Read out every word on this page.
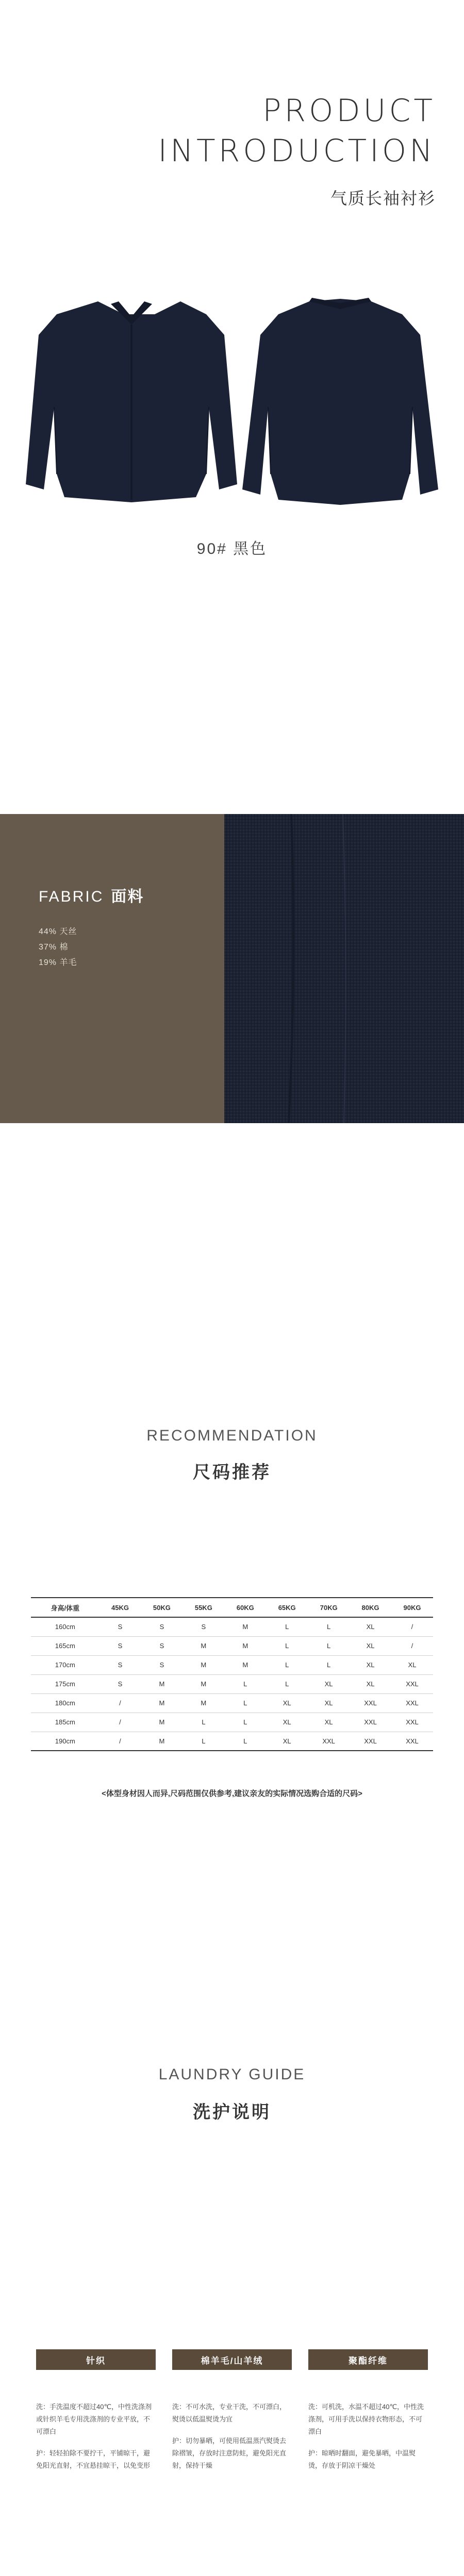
PRODUCT
INTRODUCTION
气质长袖衬衫
90# 黑色
FABRIC 面料
44% 天丝
37% 棉
19% 羊毛
RECOMMENDATION
尺码推荐
身高/体重	45KG	50KG	55KG	60KG	65KG	70KG	80KG	90KG
160cm	S	S	S	M	L	L	XL	/
165cm	S	S	M	M	L	L	XL	/
170cm	S	S	M	M	L	L	XL	XL
175cm	S	M	M	L	L	XL	XL	XXL
180cm	/	M	M	L	XL	XL	XXL	XXL
185cm	/	M	L	L	XL	XL	XXL	XXL
190cm	/	M	L	L	XL	XXL	XXL	XXL
<体型身材因人而异,尺码范围仅供参考,建议亲友的实际情况选购合适的尺码>
LAUNDRY GUIDE
洗护说明
针织

洗：手洗温度不超过40℃，中性洗涤剂或针织羊毛专用洗涤剂的专业平放，不可漂白

护：轻轻拍除不要拧干，平铺晾干，避免阳光直射，不宜悬挂晾干，以免变形

棉羊毛/山羊绒

洗：不可水洗，专业干洗，不可漂白，熨烫以低温熨烫为宜

护：切勿暴晒，可使用低温蒸汽熨烫去除褶皱，存放时注意防蛀，避免阳光直射，保持干燥

聚酯纤维

洗：可机洗，水温不超过40℃，中性洗涤剂，可用手洗以保持衣物形态，不可漂白

护：晾晒时翻面，避免暴晒，中温熨烫，存放于阴凉干燥处
